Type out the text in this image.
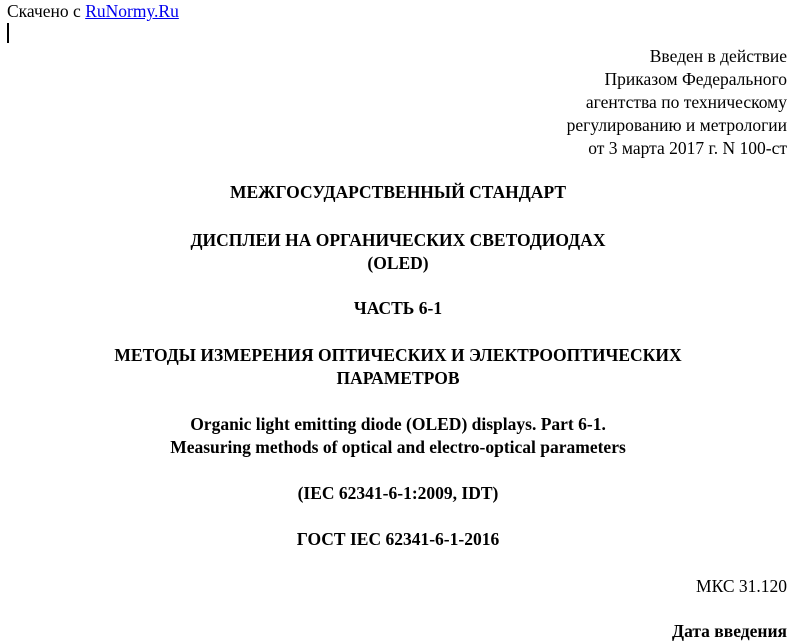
Скачено с RuNormy.Ru
Введен в действие
Приказом Федерального
агентства по техническому
регулированию и метрологии
от 3 марта 2017 г. N 100-ст
МЕЖГОСУДАРСТВЕННЫЙ СТАНДАРТ
ДИСПЛЕИ НА ОРГАНИЧЕСКИХ СВЕТОДИОДАХ
(OLED)
ЧАСТЬ 6-1
МЕТОДЫ ИЗМЕРЕНИЯ ОПТИЧЕСКИХ И ЭЛЕКТРООПТИЧЕСКИХ
ПАРАМЕТРОВ
Organic light emitting diode (OLED) displays. Part 6-1.
Measuring methods of optical and electro-optical parameters
(IEC 62341-6-1:2009, IDT)
ГОСТ IEC 62341-6-1-2016
МКС 31.120
Дата введения
